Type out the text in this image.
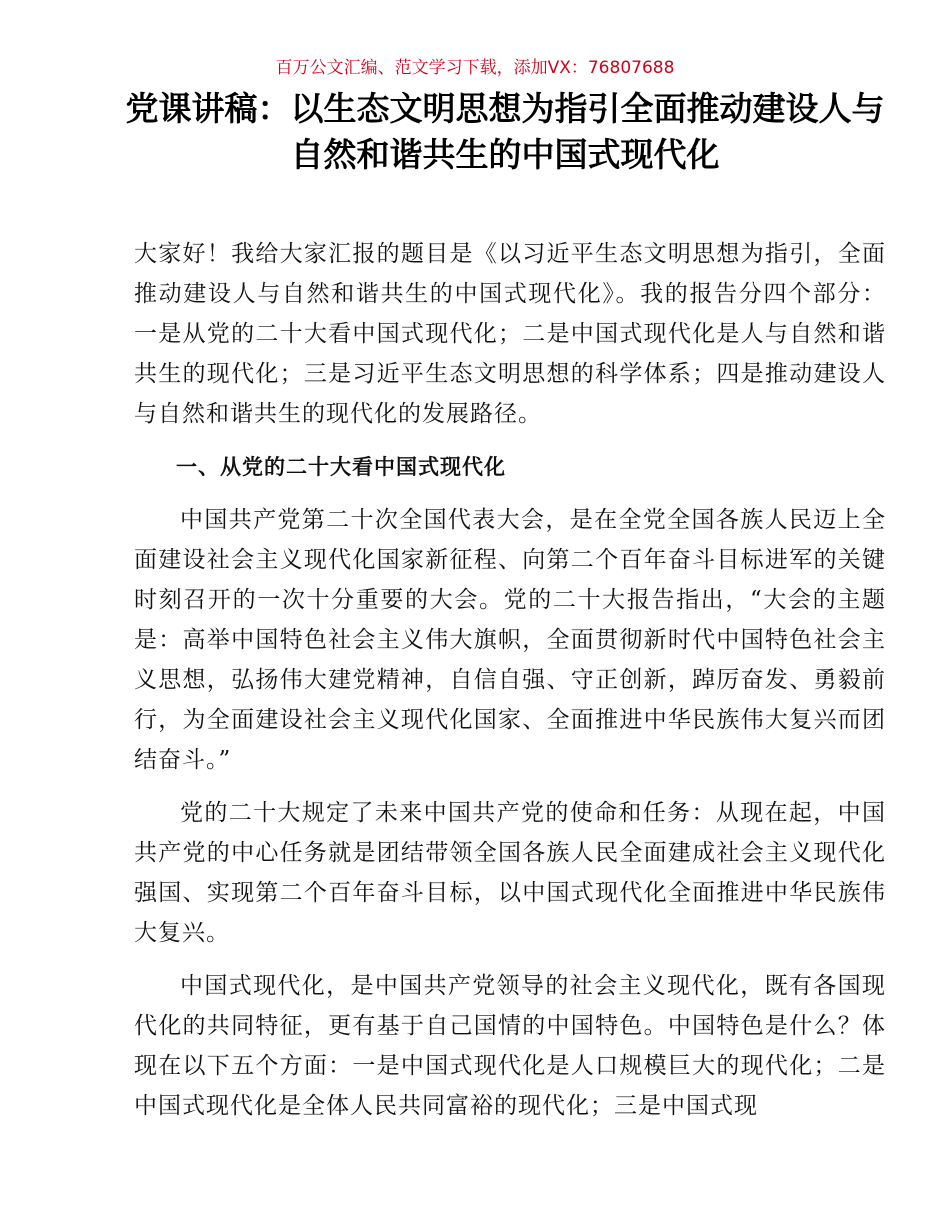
百万公文汇编、范文学习下载，添加VX：76807688
党课讲稿：以生态文明思想为指引全面推动建设人与自然和谐共生的中国式现代化

大家好！我给大家汇报的题目是《以习近平生态文明思想为指引，全面推动建设人与自然和谐共生的中国式现代化》。我的报告分四个部分：一是从党的二十大看中国式现代化；二是中国式现代化是人与自然和谐共生的现代化；三是习近平生态文明思想的科学体系；四是推动建设人与自然和谐共生的现代化的发展路径。

一、从党的二十大看中国式现代化

中国共产党第二十次全国代表大会，是在全党全国各族人民迈上全面建设社会主义现代化国家新征程、向第二个百年奋斗目标进军的关键时刻召开的一次十分重要的大会。党的二十大报告指出，“大会的主题是：高举中国特色社会主义伟大旗帜，全面贯彻新时代中国特色社会主义思想，弘扬伟大建党精神，自信自强、守正创新，踔厉奋发、勇毅前行，为全面建设社会主义现代化国家、全面推进中华民族伟大复兴而团结奋斗。”

党的二十大规定了未来中国共产党的使命和任务：从现在起，中国共产党的中心任务就是团结带领全国各族人民全面建成社会主义现代化强国、实现第二个百年奋斗目标，以中国式现代化全面推进中华民族伟大复兴。

中国式现代化，是中国共产党领导的社会主义现代化，既有各国现代化的共同特征，更有基于自己国情的中国特色。中国特色是什么？体现在以下五个方面：一是中国式现代化是人口规模巨大的现代化；二是中国式现代化是全体人民共同富裕的现代化；三是中国式现
